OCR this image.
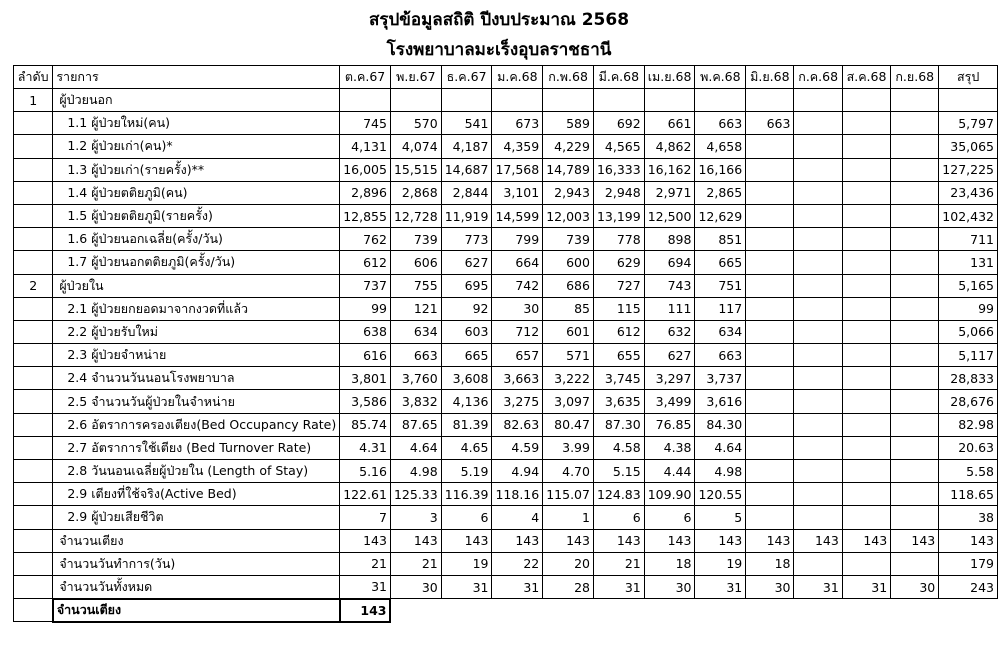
สรุปข้อมูลสถิติ ปีงบประมาณ 2568
โรงพยาบาลมะเร็งอุบลราชธานี
ลำดับ	รายการ	ต.ค.67	พ.ย.67	ธ.ค.67	ม.ค.68	ก.พ.68	มี.ค.68	เม.ย.68	พ.ค.68	มิ.ย.68	ก.ค.68	ส.ค.68	ก.ย.68	สรุป
1	ผู้ป่วยนอก													
	1.1 ผู้ป่วยใหม่(คน)	745	570	541	673	589	692	661	663	663				5,797
	1.2 ผู้ป่วยเก่า(คน)*	4,131	4,074	4,187	4,359	4,229	4,565	4,862	4,658					35,065
	1.3 ผู้ป่วยเก่า(รายครั้ง)**	16,005	15,515	14,687	17,568	14,789	16,333	16,162	16,166					127,225
	1.4 ผู้ป่วยตติยภูมิ(คน)	2,896	2,868	2,844	3,101	2,943	2,948	2,971	2,865					23,436
	1.5 ผู้ป่วยตติยภูมิ(รายครั้ง)	12,855	12,728	11,919	14,599	12,003	13,199	12,500	12,629					102,432
	1.6 ผู้ป่วยนอกเฉลี่ย(ครั้ง/วัน)	762	739	773	799	739	778	898	851					711
	1.7 ผู้ป่วยนอกตติยภูมิ(ครั้ง/วัน)	612	606	627	664	600	629	694	665					131
2	ผู้ป่วยใน	737	755	695	742	686	727	743	751					5,165
	2.1 ผู้ป่วยยกยอดมาจากงวดที่แล้ว	99	121	92	30	85	115	111	117					99
	2.2 ผู้ป่วยรับใหม่	638	634	603	712	601	612	632	634					5,066
	2.3 ผู้ป่วยจำหน่าย	616	663	665	657	571	655	627	663					5,117
	2.4 จำนวนวันนอนโรงพยาบาล	3,801	3,760	3,608	3,663	3,222	3,745	3,297	3,737					28,833
	2.5 จำนวนวันผู้ป่วยในจำหน่าย	3,586	3,832	4,136	3,275	3,097	3,635	3,499	3,616					28,676
	2.6 อัตราการครองเตียง(Bed Occupancy Rate)	85.74	87.65	81.39	82.63	80.47	87.30	76.85	84.30					82.98
	2.7 อัตราการใช้เตียง (Bed Turnover Rate)	4.31	4.64	4.65	4.59	3.99	4.58	4.38	4.64					20.63
	2.8 วันนอนเฉลี่ยผู้ป่วยใน (Length of Stay)	5.16	4.98	5.19	4.94	4.70	5.15	4.44	4.98					5.58
	2.9 เตียงที่ใช้จริง(Active Bed)	122.61	125.33	116.39	118.16	115.07	124.83	109.90	120.55					118.65
	2.9 ผู้ป่วยเสียชีวิต	7	3	6	4	1	6	6	5					38
	จำนวนเตียง	143	143	143	143	143	143	143	143	143	143	143	143	143
	จำนวนวันทำการ(วัน)	21	21	19	22	20	21	18	19	18				179
	จำนวนวันทั้งหมด	31	30	31	31	28	31	30	31	30	31	31	30	243
	จำนวนเตียง	143												
